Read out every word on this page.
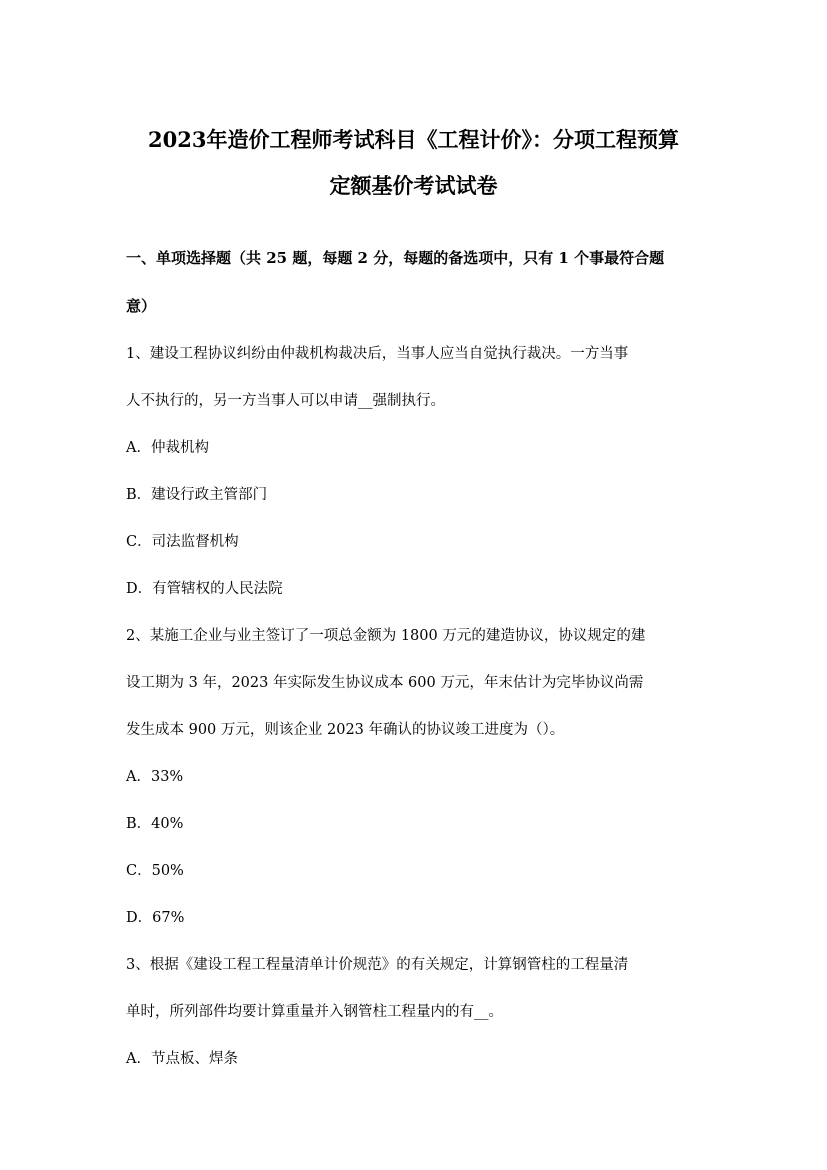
2023年造价工程师考试科目《工程计价》：分项工程预算
定额基价考试试卷
一、单项选择题（共 25 题，每题 2 分，每题的备选项中，只有 1 个事最符合题
意）
1、建设工程协议纠纷由仲裁机构裁决后，当事人应当自觉执行裁决。一方当事
人不执行的，另一方当事人可以申请__强制执行。
A．仲裁机构
B．建设行政主管部门
C．司法监督机构
D．有管辖权的人民法院
2、某施工企业与业主签订了一项总金额为 1800 万元的建造协议，协议规定的建
设工期为 3 年，2023 年实际发生协议成本 600 万元，年末估计为完毕协议尚需
发生成本 900 万元，则该企业 2023 年确认的协议竣工进度为（）。
A．33%
B．40%
C．50%
D．67%
3、根据《建设工程工程量清单计价规范》的有关规定，计算钢管柱的工程量清
单时，所列部件均要计算重量并入钢管柱工程量内的有__。
A．节点板、焊条
